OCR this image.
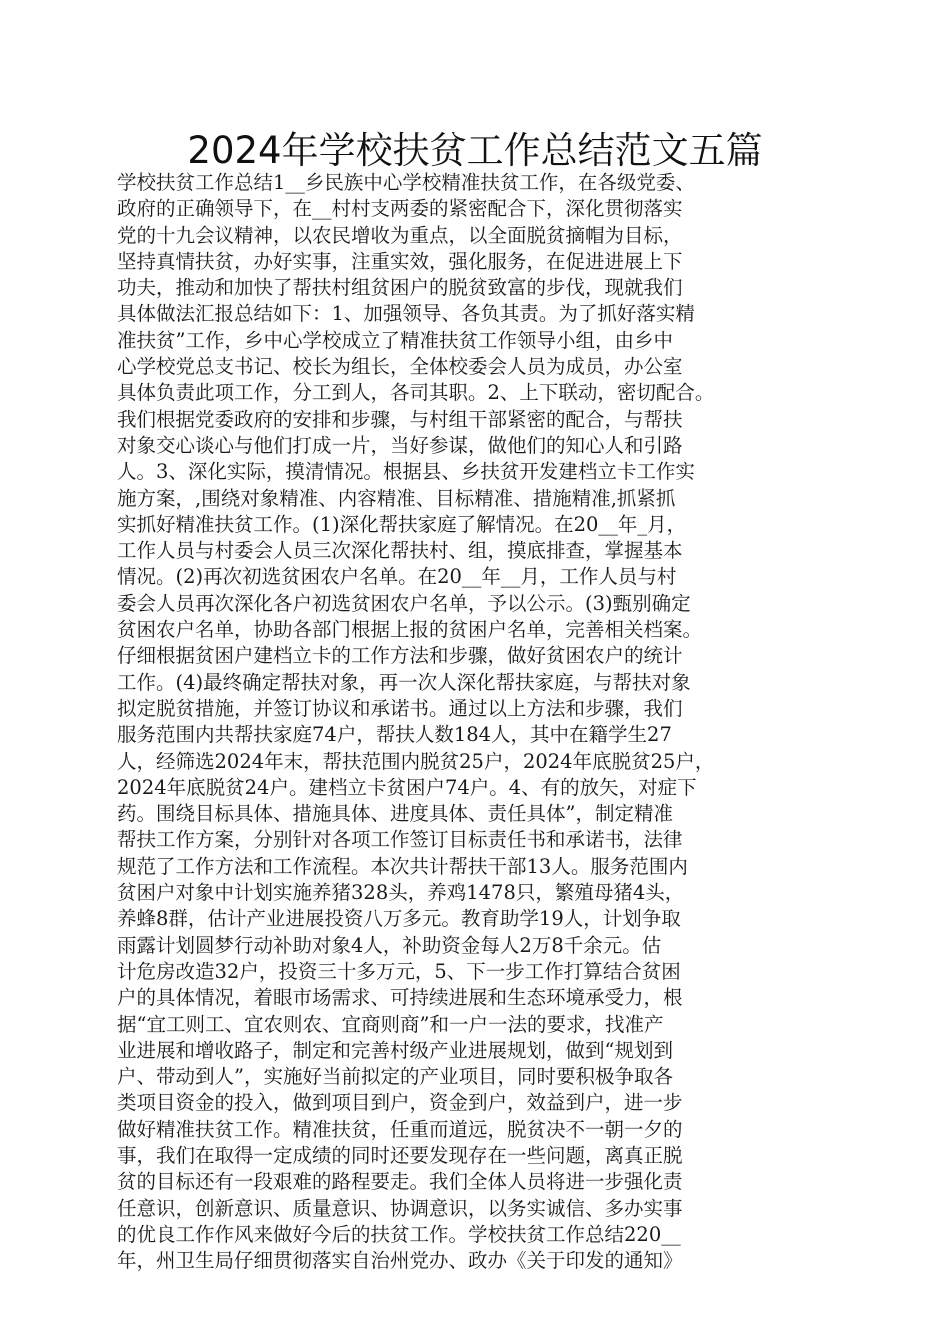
2024年学校扶贫工作总结范文五篇
学校扶贫工作总结1__乡民族中心学校精准扶贫工作，在各级党委、
政府的正确领导下，在__村村支两委的紧密配合下，深化贯彻落实
党的十九会议精神，以农民增收为重点，以全面脱贫摘帽为目标，
坚持真情扶贫，办好实事，注重实效，强化服务，在促进进展上下
功夫，推动和加快了帮扶村组贫困户的脱贫致富的步伐，现就我们
具体做法汇报总结如下：1、加强领导、各负其责。为了抓好落实精
准扶贫”工作，乡中心学校成立了精准扶贫工作领导小组，由乡中
心学校党总支书记、校长为组长，全体校委会人员为成员，办公室
具体负责此项工作，分工到人，各司其职。2、上下联动，密切配合。
我们根据党委政府的安排和步骤，与村组干部紧密的配合，与帮扶
对象交心谈心与他们打成一片，当好参谋，做他们的知心人和引路
人。3、深化实际，摸清情况。根据县、乡扶贫开发建档立卡工作实
施方案，,围绕对象精准、内容精准、目标精准、措施精准,抓紧抓
实抓好精准扶贫工作。(1)深化帮扶家庭了解情况。在20__年_月，
工作人员与村委会人员三次深化帮扶村、组，摸底排查，掌握基本
情况。(2)再次初选贫困农户名单。在20__年__月，工作人员与村
委会人员再次深化各户初选贫困农户名单，予以公示。(3)甄别确定
贫困农户名单，协助各部门根据上报的贫困户名单，完善相关档案。
仔细根据贫困户建档立卡的工作方法和步骤，做好贫困农户的统计
工作。(4)最终确定帮扶对象，再一次人深化帮扶家庭，与帮扶对象
拟定脱贫措施，并签订协议和承诺书。通过以上方法和步骤，我们
服务范围内共帮扶家庭74户，帮扶人数184人，其中在籍学生27
人，经筛选2024年末，帮扶范围内脱贫25户，2024年底脱贫25户，
2024年底脱贫24户。建档立卡贫困户74户。4、有的放矢，对症下
药。围绕目标具体、措施具体、进度具体、责任具体”，制定精准
帮扶工作方案，分别针对各项工作签订目标责任书和承诺书，法律
规范了工作方法和工作流程。本次共计帮扶干部13人。服务范围内
贫困户对象中计划实施养猪328头，养鸡1478只，繁殖母猪4头，
养蜂8群，估计产业进展投资八万多元。教育助学19人，计划争取
雨露计划圆梦行动补助对象4人，补助资金每人2万8千余元。估
计危房改造32户，投资三十多万元，5、下一步工作打算结合贫困
户的具体情况，着眼市场需求、可持续进展和生态环境承受力，根
据“宜工则工、宜农则农、宜商则商”和一户一法的要求，找准产
业进展和增收路子，制定和完善村级产业进展规划，做到“规划到
户、带动到人”，实施好当前拟定的产业项目，同时要积极争取各
类项目资金的投入，做到项目到户，资金到户，效益到户，进一步
做好精准扶贫工作。精准扶贫，任重而道远，脱贫决不一朝一夕的
事，我们在取得一定成绩的同时还要发现存在一些问题，离真正脱
贫的目标还有一段艰难的路程要走。我们全体人员将进一步强化责
任意识，创新意识、质量意识、协调意识，以务实诚信、多办实事
的优良工作作风来做好今后的扶贫工作。学校扶贫工作总结220__
年，州卫生局仔细贯彻落实自治州党办、政办《关于印发的通知》
